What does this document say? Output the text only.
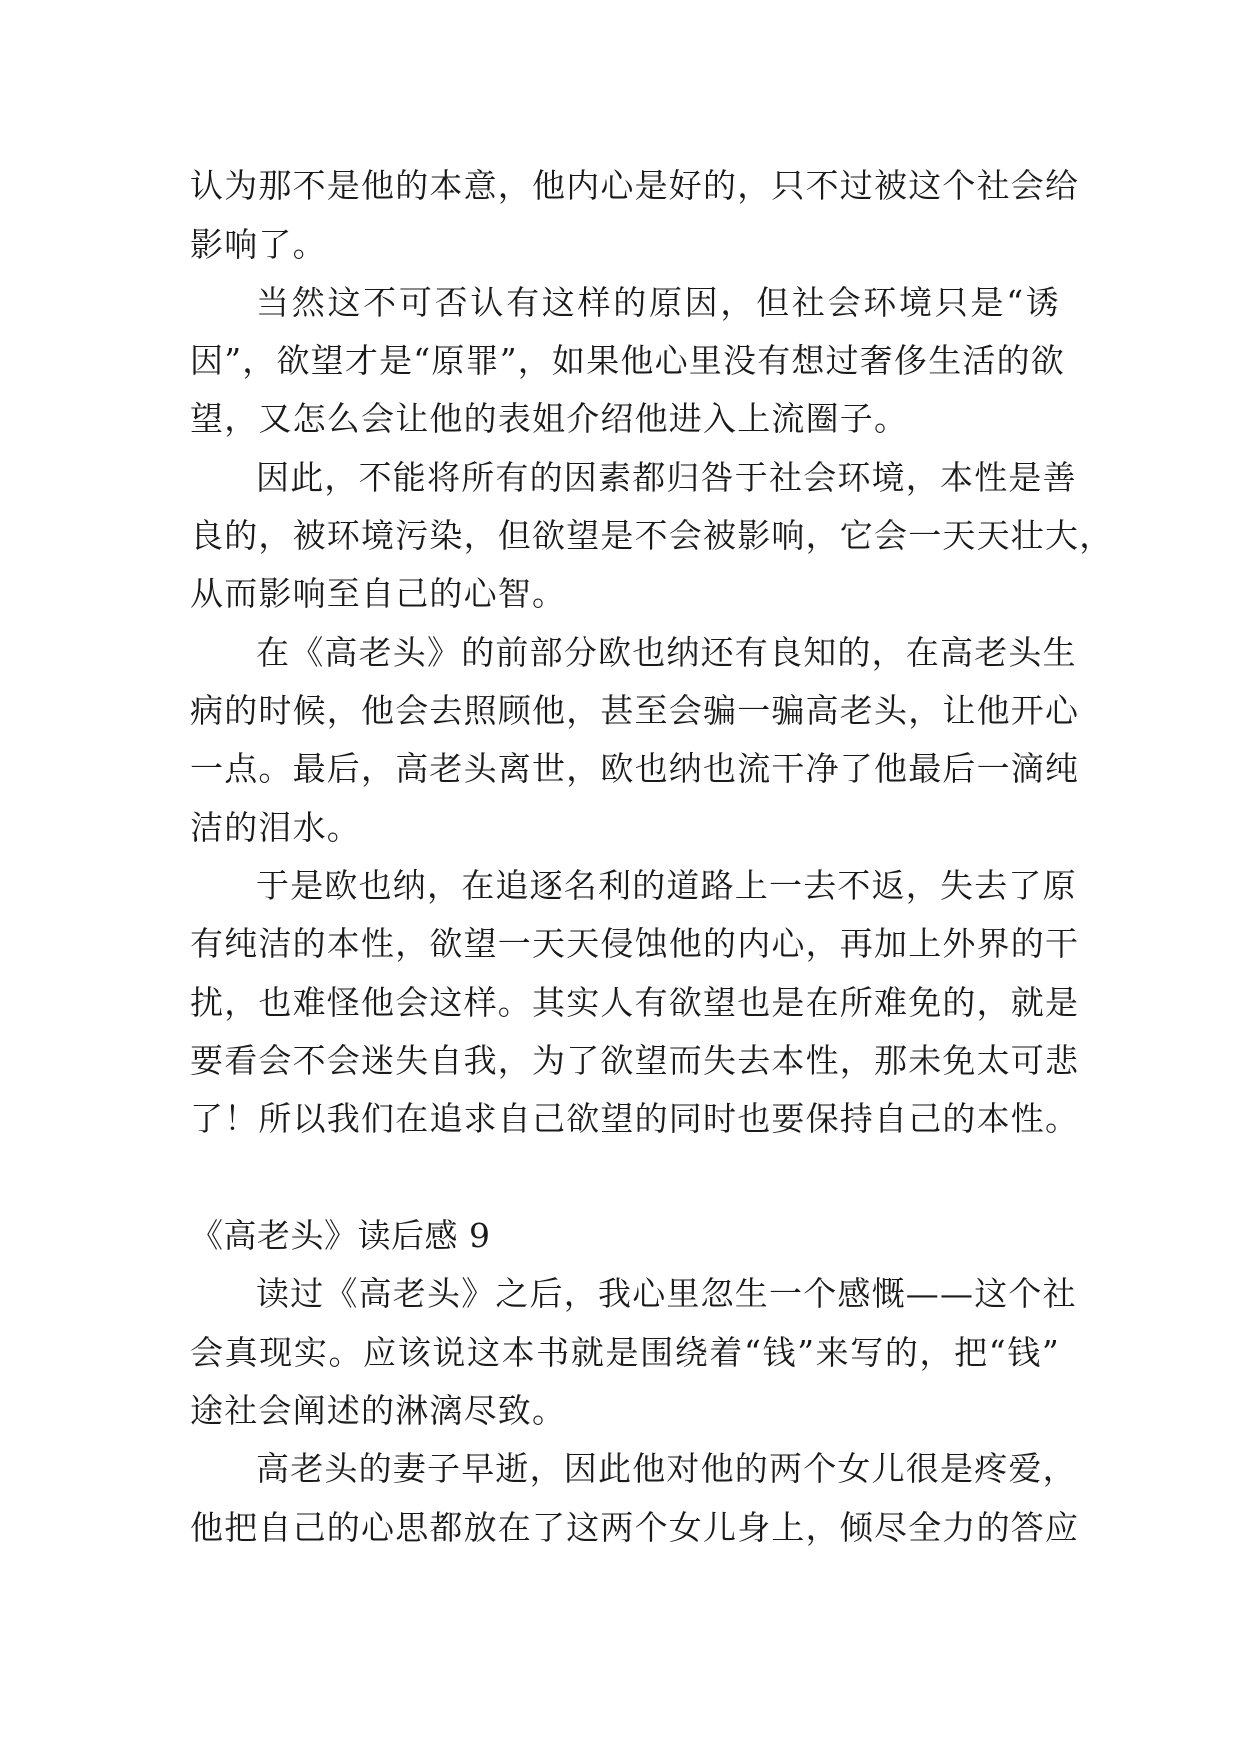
认为那不是他的本意，他内心是好的，只不过被这个社会给
影响了。
当然这不可否认有这样的原因，但社会环境只是“诱
因”，欲望才是“原罪”，如果他心里没有想过奢侈生活的欲
望，又怎么会让他的表姐介绍他进入上流圈子。
因此，不能将所有的因素都归咎于社会环境，本性是善
良的，被环境污染，但欲望是不会被影响，它会一天天壮大，
从而影响至自己的心智。
在《高老头》的前部分欧也纳还有良知的，在高老头生
病的时候，他会去照顾他，甚至会骗一骗高老头，让他开心
一点。最后，高老头离世，欧也纳也流干净了他最后一滴纯
洁的泪水。
于是欧也纳，在追逐名利的道路上一去不返，失去了原
有纯洁的本性，欲望一天天侵蚀他的内心，再加上外界的干
扰，也难怪他会这样。其实人有欲望也是在所难免的，就是
要看会不会迷失自我，为了欲望而失去本性，那未免太可悲
了！所以我们在追求自己欲望的同时也要保持自己的本性。
《高老头》读后感 9
读过《高老头》之后，我心里忽生一个感慨——这个社
会真现实。应该说这本书就是围绕着“钱”来写的，把“钱”
途社会阐述的淋漓尽致。
高老头的妻子早逝，因此他对他的两个女儿很是疼爱，
他把自己的心思都放在了这两个女儿身上，倾尽全力的答应
